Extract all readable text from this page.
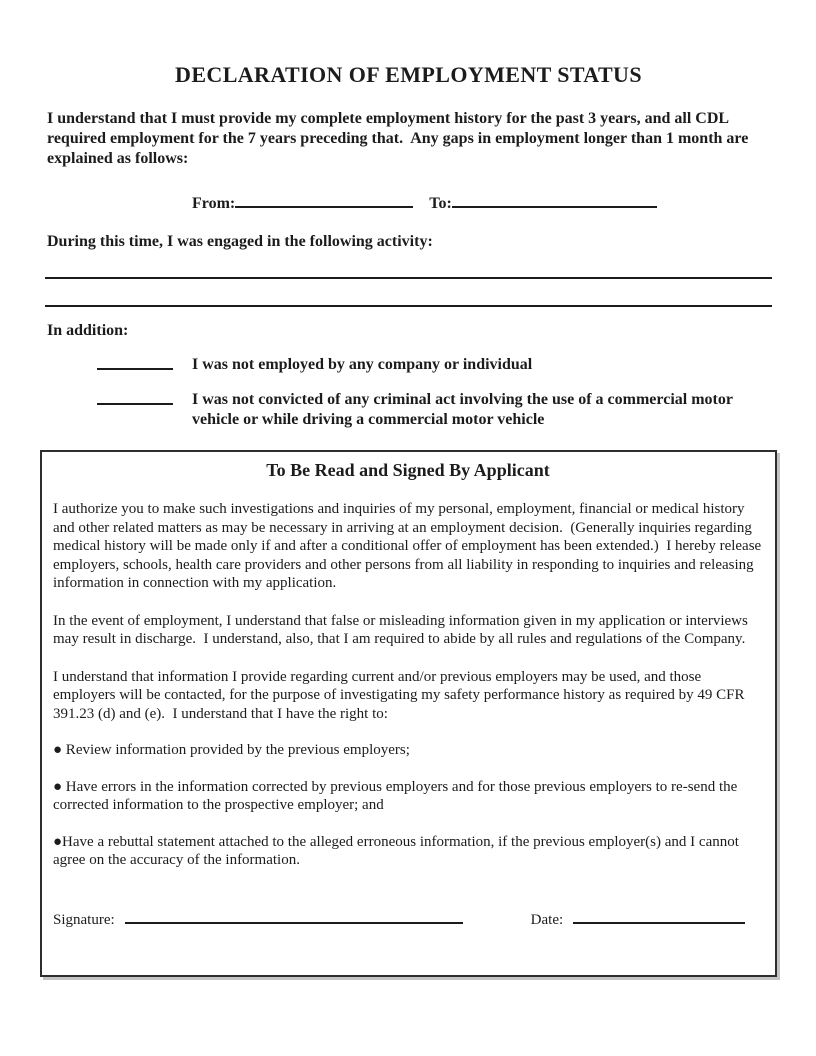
DECLARATION OF EMPLOYMENT STATUS
I understand that I must provide my complete employment history for the past 3 years, and all CDL required employment for the 7 years preceding that.  Any gaps in employment longer than 1 month are explained as follows:
From:	To:
During this time, I was engaged in the following activity:
In addition:
I was not employed by any company or individual
I was not convicted of any criminal act involving the use of a commercial motor vehicle or while driving a commercial motor vehicle
To Be Read and Signed By Applicant

I authorize you to make such investigations and inquiries of my personal, employment, financial or medical history and other related matters as may be necessary in arriving at an employment decision.  (Generally inquiries regarding medical history will be made only if and after a conditional offer of employment has been extended.)  I hereby release employers, schools, health care providers and other persons from all liability in responding to inquiries and releasing information in connection with my application.

In the event of employment, I understand that false or misleading information given in my application or interviews may result in discharge.  I understand, also, that I am required to abide by all rules and regulations of the Company.

I understand that information I provide regarding current and/or previous employers may be used, and those employers will be contacted, for the purpose of investigating my safety performance history as required by 49 CFR 391.23 (d) and (e).  I understand that I have the right to:

● Review information provided by the previous employers;

● Have errors in the information corrected by previous employers and for those previous employers to re-send the corrected information to the prospective employer; and

●Have a rebuttal statement attached to the alleged erroneous information, if the previous employer(s) and I cannot agree on the accuracy of the information.

Signature:	Date:
